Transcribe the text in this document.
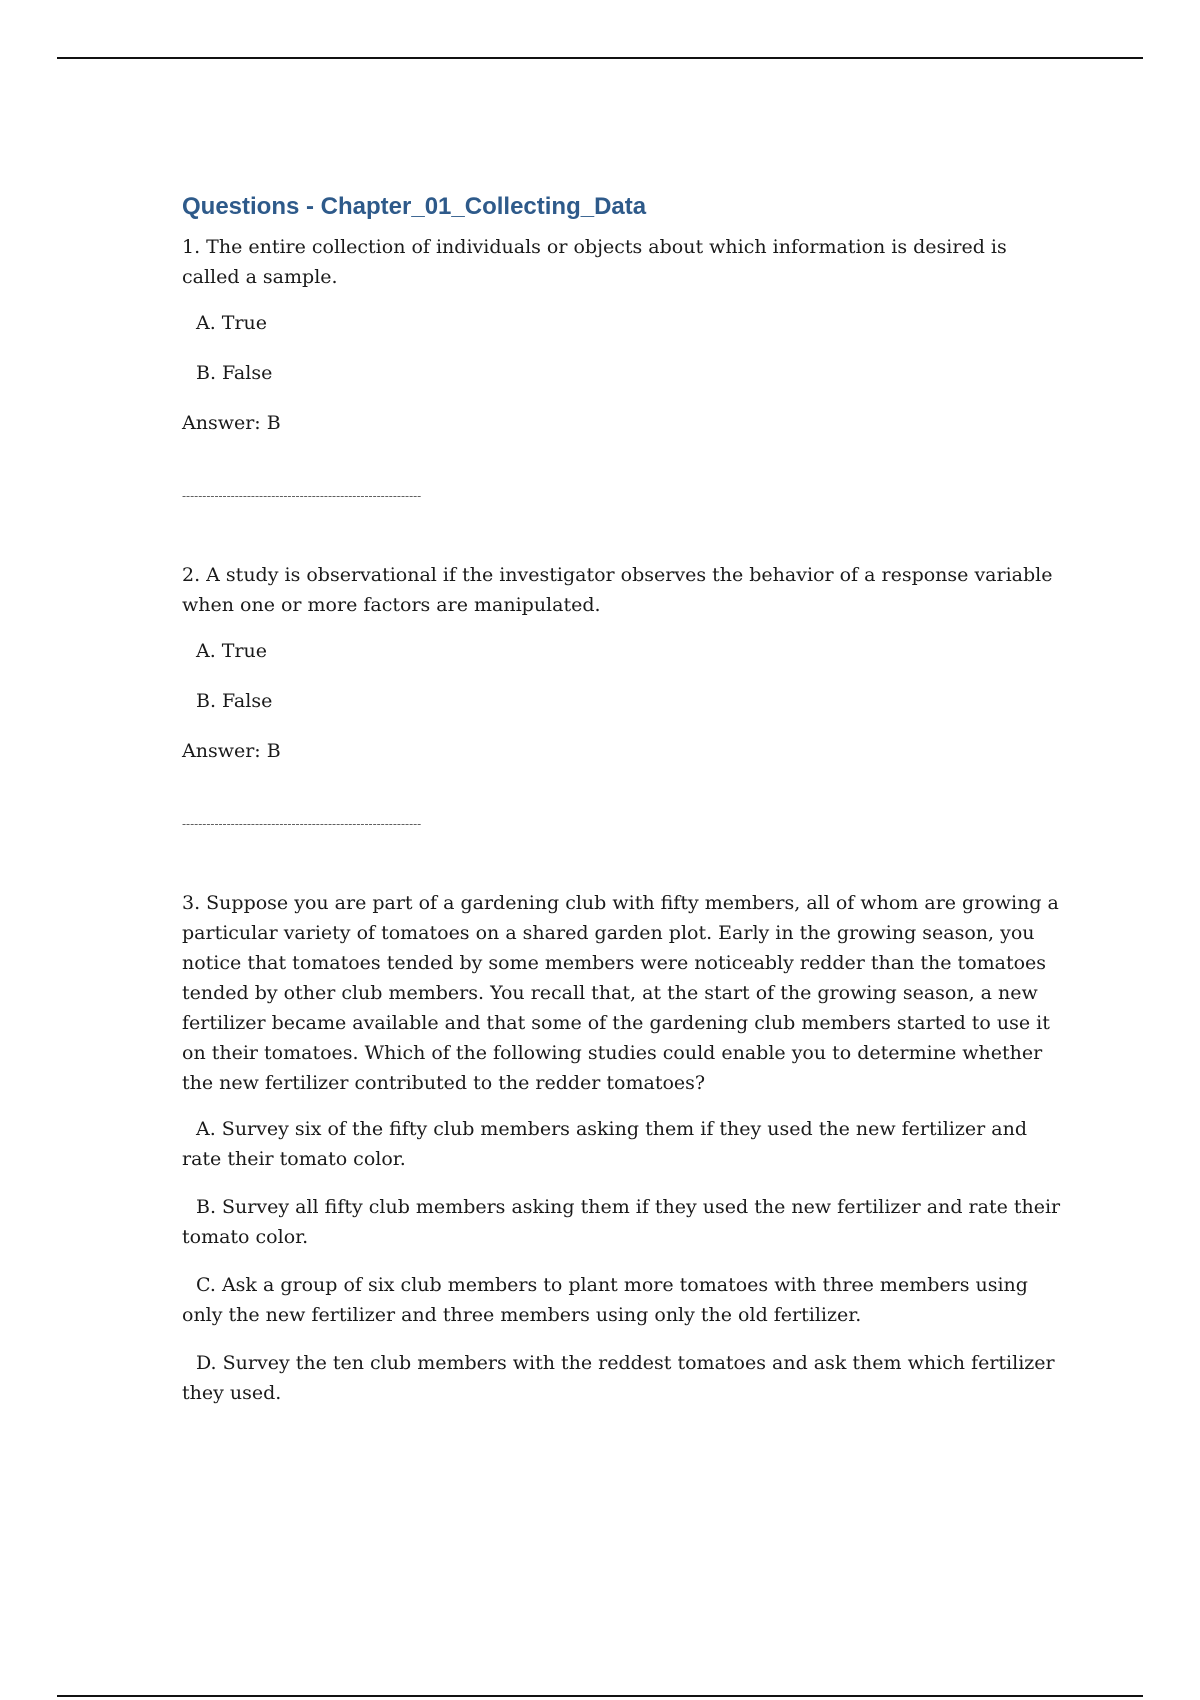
Questions - Chapter_01_Collecting_Data

1. The entire collection of individuals or objects about which information is desired is called a sample.

A. True

B. False

Answer: B

-----------------------------------------------------------

2. A study is observational if the investigator observes the behavior of a response variable when one or more factors are manipulated.

A. True

B. False

Answer: B

-----------------------------------------------------------

3. Suppose you are part of a gardening club with fifty members, all of whom are growing a particular variety of tomatoes on a shared garden plot. Early in the growing season, you notice that tomatoes tended by some members were noticeably redder than the tomatoes tended by other club members. You recall that, at the start of the growing season, a new fertilizer became available and that some of the gardening club members started to use it on their tomatoes. Which of the following studies could enable you to determine whether the new fertilizer contributed to the redder tomatoes?

A. Survey six of the fifty club members asking them if they used the new fertilizer and rate their tomato color.

B. Survey all fifty club members asking them if they used the new fertilizer and rate their tomato color.

C. Ask a group of six club members to plant more tomatoes with three members using only the new fertilizer and three members using only the old fertilizer.

D. Survey the ten club members with the reddest tomatoes and ask them which fertilizer they used.
